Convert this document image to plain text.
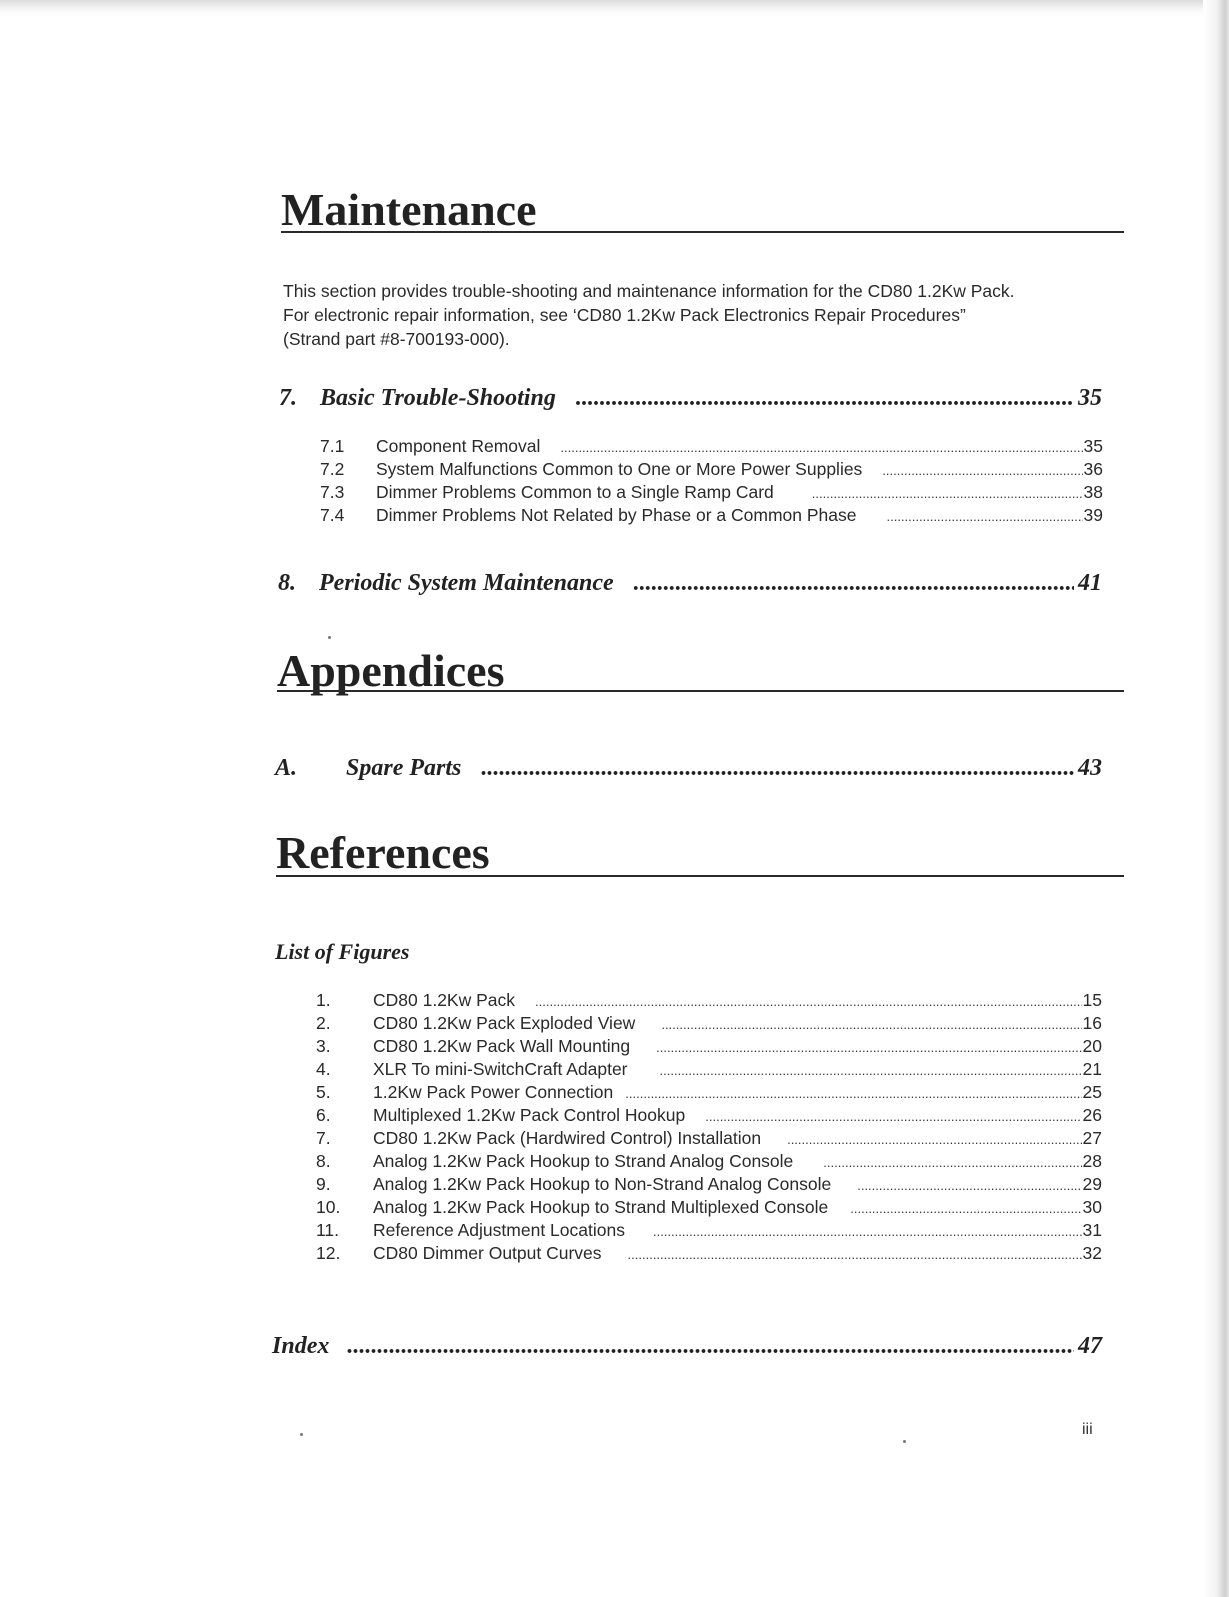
Maintenance

This section provides trouble-shooting and maintenance information for the CD80 1.2Kw Pack.

For electronic repair information, see ‘CD80 1.2Kw Pack Electronics Repair Procedures”

(Strand part #8-700193-000).

7. Basic Trouble-Shooting .....	35
7.1	Component Removal .....	35
7.2	System Malfunctions Common to One or More Power Supplies .....	36
7.3	Dimmer Problems Common to a Single Ramp Card .....	38
7.4	Dimmer Problems Not Related by Phase or a Common Phase .....	39
8. Periodic System Maintenance .....	41
Appendices
A.	Spare Parts .....	43
References
List of Figures
1.	CD80 1.2Kw Pack .....	15
2.	CD80 1.2Kw Pack Exploded View .....	16
3.	CD80 1.2Kw Pack Wall Mounting .....	20
4.	XLR To mini-SwitchCraft Adapter .....	21
5.	1.2Kw Pack Power Connection .....	25
6.	Multiplexed 1.2Kw Pack Control Hookup .....	26
7.	CD80 1.2Kw Pack (Hardwired Control) Installation .....	27
8.	Analog 1.2Kw Pack Hookup to Strand Analog Console .....	28
9.	Analog 1.2Kw Pack Hookup to Non-Strand Analog Console .....	29
10.	Analog 1.2Kw Pack Hookup to Strand Multiplexed Console .....	30
11.	Reference Adjustment Locations .....	31
12.	CD80 Dimmer Output Curves .....	32
Index .....	47
iii
